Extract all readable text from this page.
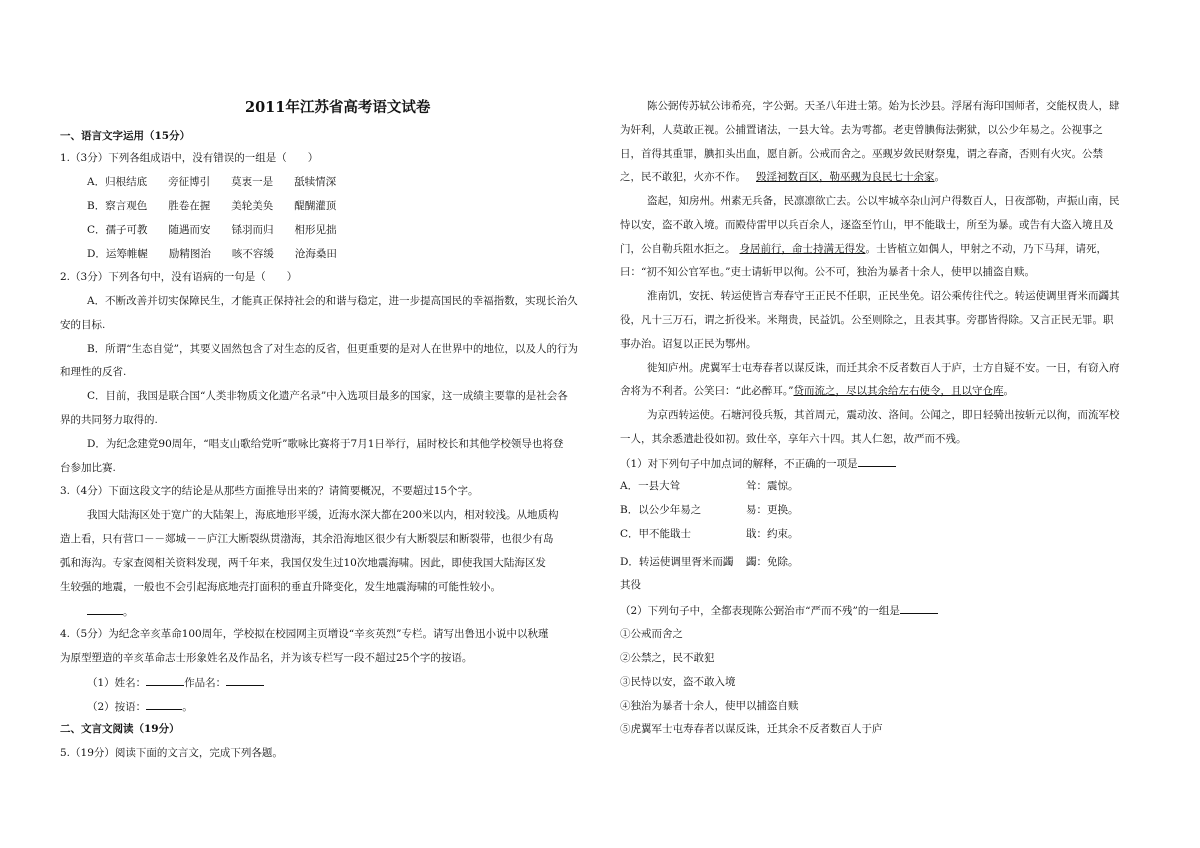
2011年江苏省高考语文试卷
一、语言文字运用（15分）
1.（3分）下列各组成语中，没有错误的一组是（　　）
A．归根结底　　旁征博引　　莫衷一是　　舐犊情深
B．察言观色　　胜卷在握　　美轮美奂　　醍醐灌顶
C．孺子可教　　随遇而安　　铩羽而归　　相形见拙
D．运筹帷幄　　励精图治　　咳不容缓　　沧海桑田
2.（3分）下列各句中，没有语病的一句是（　　）
A．不断改善并切实保障民生，才能真正保持社会的和谐与稳定，进一步提高国民的幸福指数，实现长治久
安的目标.
B．所谓“生态自觉”，其要义固然包含了对生态的反省，但更重要的是对人在世界中的地位，以及人的行为
和理性的反省.
C．目前，我国是联合国“人类非物质文化遗产名录”中入选项目最多的国家，这一成绩主要靠的是社会各
界的共同努力取得的.
D．为纪念建党90周年，“唱支山歌给党听”歌咏比赛将于7月1日举行，届时校长和其他学校领导也将登
台参加比赛.
3.（4分）下面这段文字的结论是从那些方面推导出来的？请简要概况，不要超过15个字。
我国大陆海区处于宽广的大陆架上，海底地形平缓，近海水深大都在200米以内，相对较浅。从地质构
造上看，只有营口－－郯城－－庐江大断裂纵贯渤海，其余沿海地区很少有大断裂层和断裂带，也很少有岛
弧和海沟。专家查阅相关资料发现，两千年来，我国仅发生过10次地震海啸。因此，即使我国大陆海区发
生较强的地震，一般也不会引起海底地壳打面积的垂直升降变化，发生地震海啸的可能性较小。
。
4.（5分）为纪念辛亥革命100周年，学校拟在校园网主页增设“辛亥英烈”专栏。请写出鲁迅小说中以秋瑾
为原型塑造的辛亥革命志士形象姓名及作品名，并为该专栏写一段不超过25个字的按语。
（1）姓名：	作品名：
（2）按语：	。
二、文言文阅读（19分）
5.（19分）阅读下面的文言文，完成下列各题。
陈公弼传苏轼公讳希亮，字公弼。天圣八年进士第。始为长沙县。浮屠有海印国师者，交能权贵人，肆
为奸利，人莫敢正视。公捕置诸法，一县大耸。去为雩都。老吏曾腆侮法粥狱，以公少年易之。公视事之
日，首得其重罪，腆扣头出血，愿自新。公戒而舍之。巫觋岁敛民财祭鬼，谓之春斋，否则有火灾。公禁
之，民不敢犯，火亦不作。 毁淫祠数百区，勒巫觋为良民七十余家。
盗起，知房州。州素无兵备，民凛凛欲亡去。公以牢城卒杂山河户得数百人，日夜部勒，声振山南，民
恃以安，盗不敢入境。而殿侍雷甲以兵百余人，逐盗至竹山，甲不能戢士，所至为暴。或告有大盗入境且及
门，公自勒兵阻水拒之。 身居前行，命士持满无得发。士皆植立如偶人，甲射之不动，乃下马拜，请死，
曰：“初不知公官军也。”吏士请斩甲以徇。公不可，独治为暴者十余人，使甲以捕盗自赎。
淮南饥，安抚、转运使皆言寿春守王正民不任职，正民坐免。诏公乘传往代之。转运使调里胥米而蠲其
役，凡十三万石，谓之折役米。米翔贵，民益饥。公至则除之，且表其事。旁郡皆得除。又言正民无罪。职
事办治。诏复以正民为鄂州。
徙知庐州。虎翼军士屯寿春者以谋反诛，而迁其余不反者数百人于庐，士方自疑不安。一日，有窃入府
舍将为不利者。公笑曰：“此必醉耳。”贷而流之，尽以其余给左右使令，且以守仓库。
为京西转运使。石塘河役兵叛，其首周元，震动汝、洛间。公闻之，即日轻骑出按斩元以徇，而流军校
一人，其余悉遣赴役如初。致仕卒，享年六十四。其人仁恕，故严而不残。
（1）对下列句子中加点词的解释，不正确的一项是
A．一县大耸	耸：震惊。
B．以公少年易之	易：更换。
C．甲不能戢士	戢：约束。
D．转运使调里胥米而蠲 蠲：免除。
其役
（2）下列句子中，全都表现陈公弼治市“严而不残”的一组是
①公戒而舍之
②公禁之，民不敢犯
③民恃以安，盗不敢入境
④独治为暴者十余人，使甲以捕盗自赎
⑤虎翼军士屯寿春者以谋反诛，迁其余不反者数百人于庐
